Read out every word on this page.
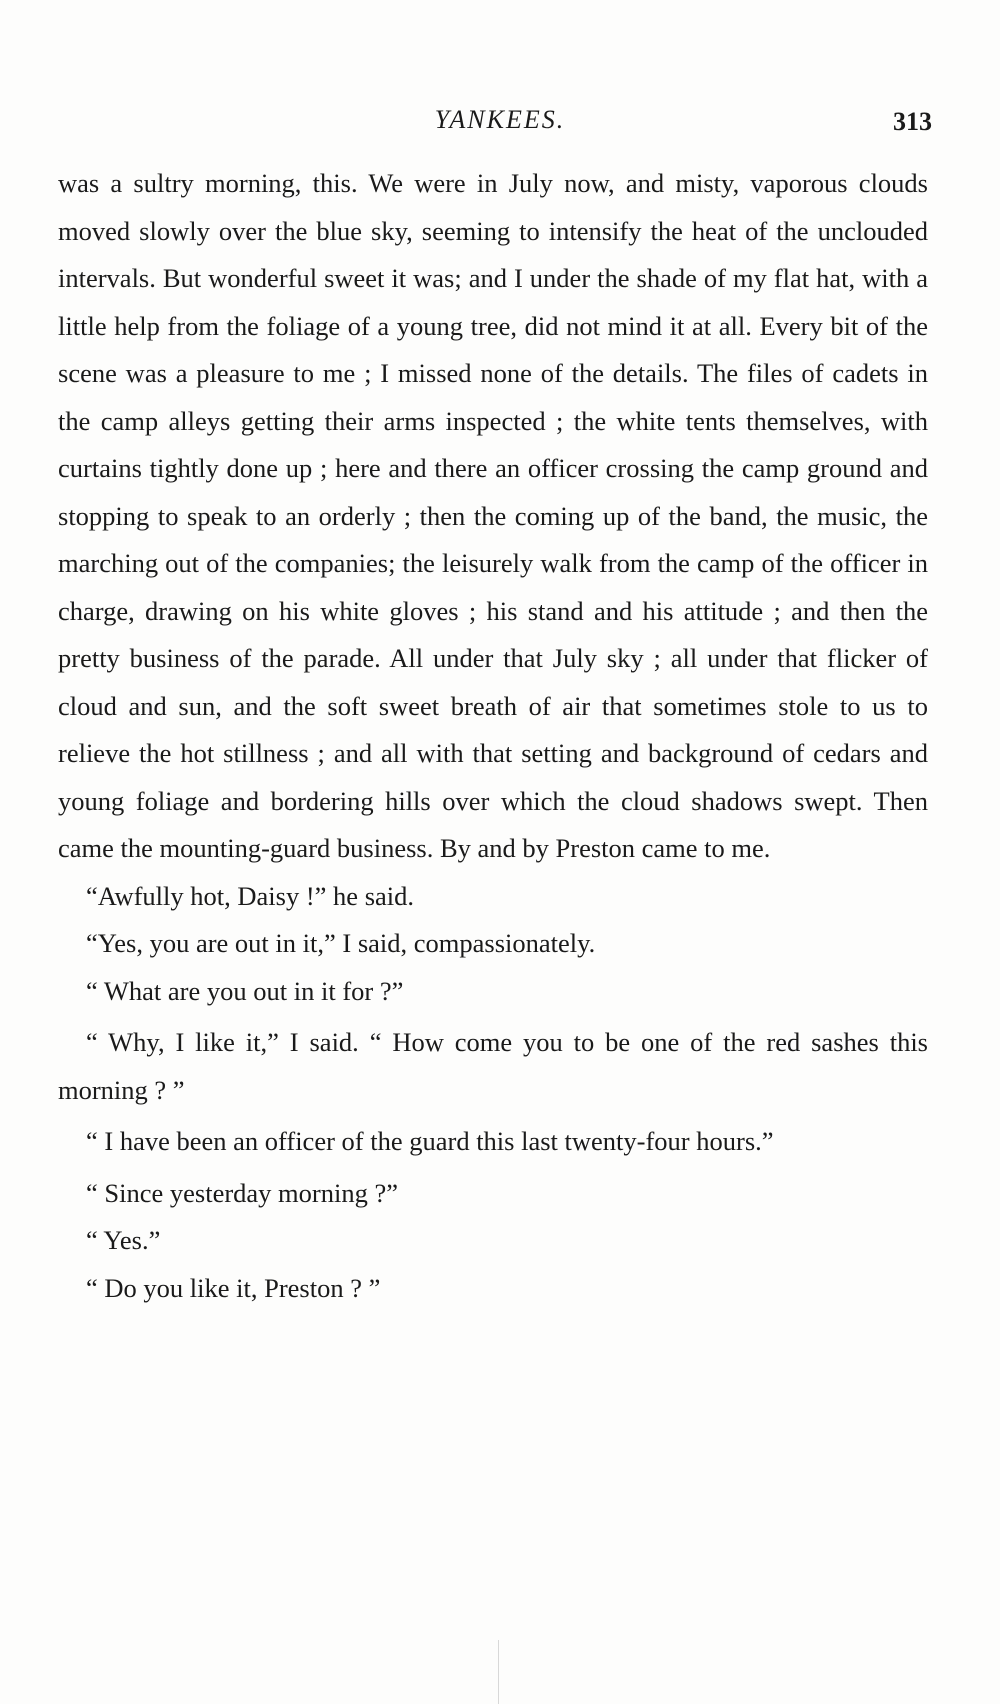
YANKEES.	313

was a sultry morning, this. We were in July now, and misty, vaporous clouds moved slowly over the blue sky, seeming to intensify the heat of the unclouded intervals. But wonderful sweet it was; and I under the shade of my flat hat, with a little help from the foliage of a young tree, did not mind it at all. Every bit of the scene was a pleasure to me ; I missed none of the details. The files of cadets in the camp alleys getting their arms inspected ; the white tents themselves, with curtains tightly done up ; here and there an officer crossing the camp ground and stopping to speak to an orderly ; then the coming up of the band, the music, the marching out of the companies; the leisurely walk from the camp of the officer in charge, drawing on his white gloves ; his stand and his attitude ; and then the pretty business of the parade. All under that July sky ; all under that flicker of cloud and sun, and the soft sweet breath of air that sometimes stole to us to relieve the hot stillness ; and all with that setting and background of cedars and young foliage and bordering hills over which the cloud shadows swept. Then came the mounting-guard business. By and by Preston came to me.

“Awfully hot, Daisy !” he said.

“Yes, you are out in it,” I said, compassionately.

“ What are you out in it for ?”

“ Why, I like it,” I said. “ How come you to be one of the red sashes this morning ? ”

“ I have been an officer of the guard this last twenty-four hours.”

“ Since yesterday morning ?”

“ Yes.”

“ Do you like it, Preston ? ”
